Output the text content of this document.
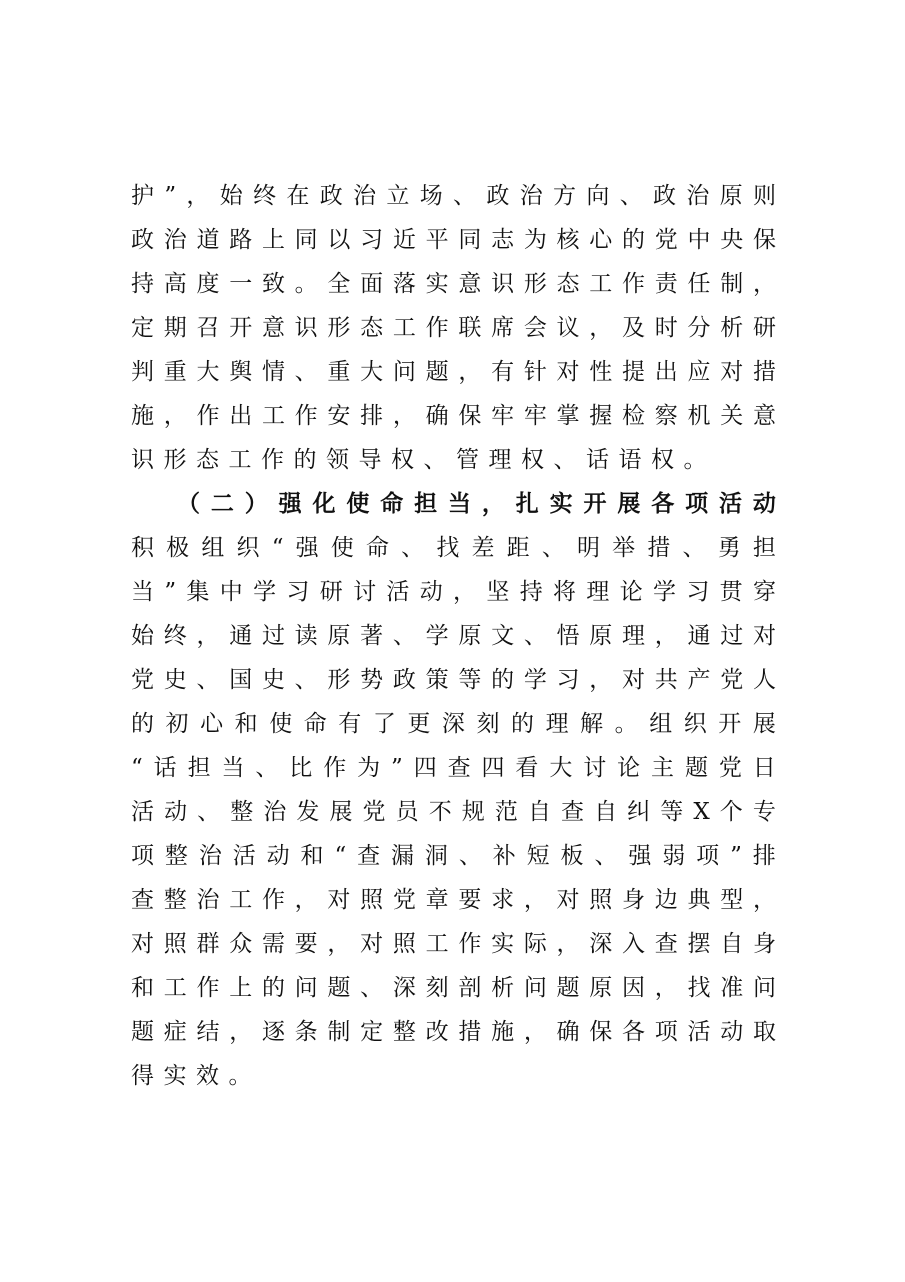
护 ” ， 始 终 在 政 治 立 场 、 政 治 方 向 、 政 治 原 则
政 治 道 路 上 同 以 习 近 平 同 志 为 核 心 的 党 中 央 保
持 高 度 一 致 。 全 面 落 实 意 识 形 态 工 作 责 任 制 ，
定 期 召 开 意 识 形 态 工 作 联 席 会 议 ， 及 时 分 析 研
判 重 大 舆 情 、 重 大 问 题 ， 有 针 对 性 提 出 应 对 措
施 ， 作 出 工 作 安 排 ， 确 保 牢 牢 掌 握 检 察 机 关 意
识形态工作的领导权、管理权、话语权。
（ 二 ） 强 化 使 命 担 当 ， 扎 实 开 展 各 项 活 动
积 极 组 织 “ 强 使 命 、 找 差 距 、 明 举 措 、 勇 担
当 ” 集 中 学 习 研 讨 活 动 ， 坚 持 将 理 论 学 习 贯 穿
始 终 ， 通 过 读 原 著 、 学 原 文 、 悟 原 理 ， 通 过 对
党 史 、 国 史 、 形 势 政 策 等 的 学 习 ， 对 共 产 党 人
的 初 心 和 使 命 有 了 更 深 刻 的 理 解 。 组 织 开 展
“ 话 担 当 、 比 作 为 ” 四 查 四 看 大 讨 论 主 题 党 日
活 动 、 整 治 发 展 党 员 不 规 范 自 查 自 纠 等 X 个 专
项 整 治 活 动 和 “ 查 漏 洞 、 补 短 板 、 强 弱 项 ” 排
查 整 治 工 作 ， 对 照 党 章 要 求 ， 对 照 身 边 典 型 ，
对 照 群 众 需 要 ， 对 照 工 作 实 际 ， 深 入 查 摆 自 身
和 工 作 上 的 问 题 、 深 刻 剖 析 问 题 原 因 ， 找 准 问
题 症 结 ， 逐 条 制 定 整 改 措 施 ， 确 保 各 项 活 动 取
得实效。
